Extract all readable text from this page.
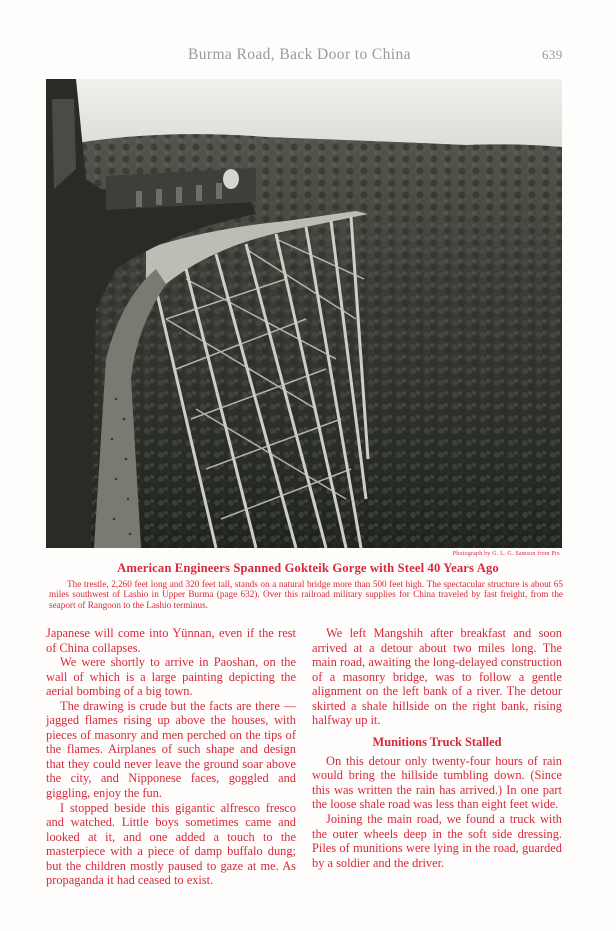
Burma Road, Back Door to China	639
Photograph by G. L. G. Samson from Pix
American Engineers Spanned Gokteik Gorge with Steel 40 Years Ago
The trestle, 2,260 feet long and 320 feet tall, stands on a natural bridge more than 500 feet high. The spectacular structure is about 65 miles southwest of Lashio in Upper Burma (page 632). Over this railroad military supplies for China traveled by fast freight, from the seaport of Rangoon to the Lashio terminus.

Japanese will come into Yünnan, even if the rest of China collapses.

We were shortly to arrive in Paoshan, on the wall of which is a large painting depicting the aerial bombing of a big town.

The drawing is crude but the facts are there —jagged flames rising up above the houses, with pieces of masonry and men perched on the tips of the flames. Airplanes of such shape and design that they could never leave the ground soar above the city, and Nipponese faces, goggled and giggling, enjoy the fun.

I stopped beside this gigantic alfresco fresco and watched. Little boys sometimes came and looked at it, and one added a touch to the masterpiece with a piece of damp buffalo dung; but the children mostly paused to gaze at me. As propaganda it had ceased to exist.

We left Mangshih after breakfast and soon arrived at a detour about two miles long. The main road, awaiting the long-delayed construction of a masonry bridge, was to follow a gentle alignment on the left bank of a river. The detour skirted a shale hillside on the right bank, rising halfway up it.

Munitions Truck Stalled

On this detour only twenty-four hours of rain would bring the hillside tumbling down. (Since this was written the rain has arrived.) In one part the loose shale road was less than eight feet wide.

Joining the main road, we found a truck with the outer wheels deep in the soft side dressing. Piles of munitions were lying in the road, guarded by a soldier and the driver.
